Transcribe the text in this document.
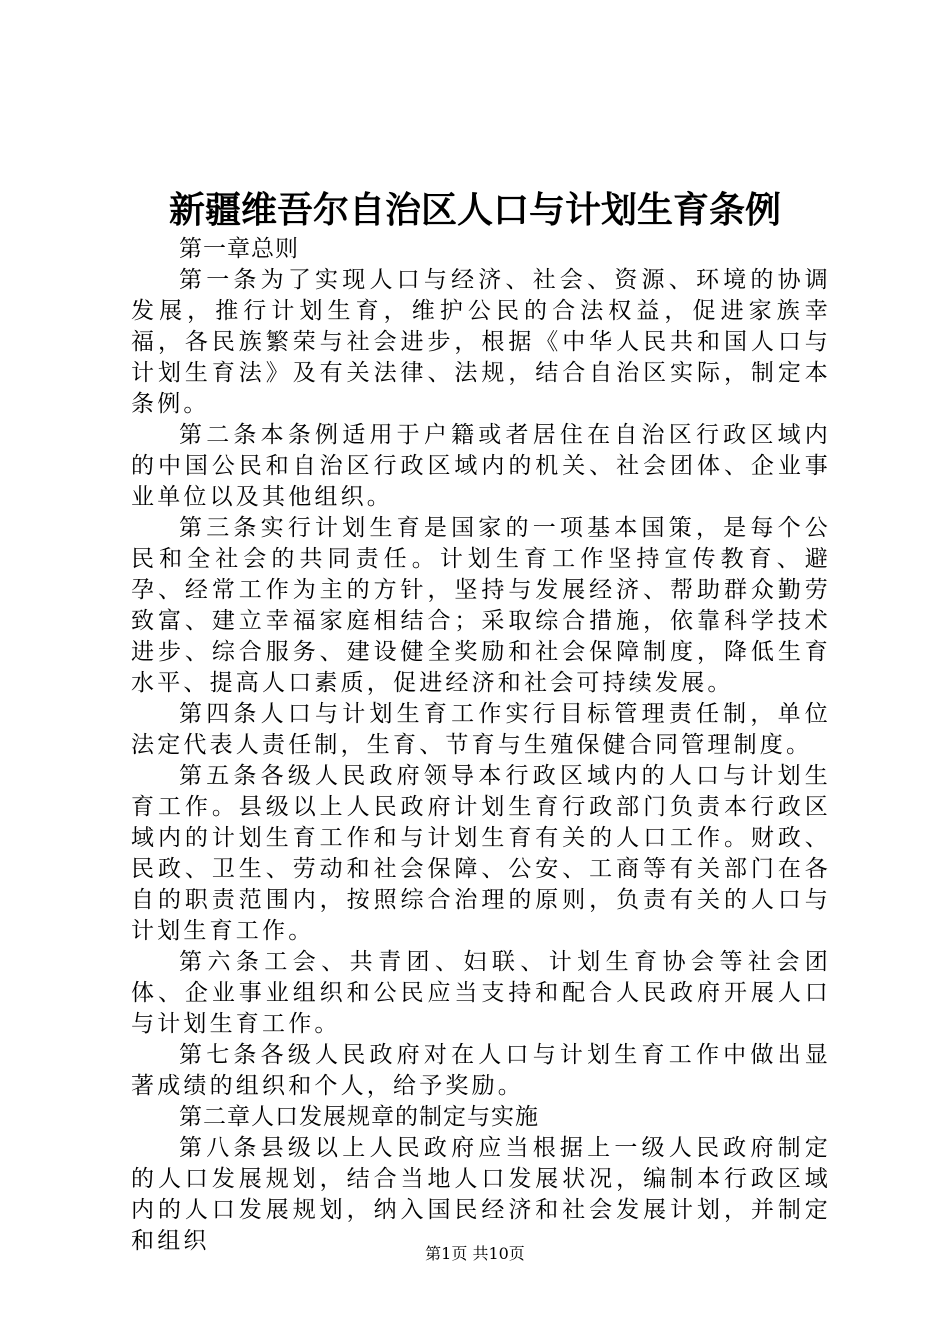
新疆维吾尔自治区人口与计划生育条例

第一章总则

第一条为了实现人口与经济、社会、资源、环境的协调发展，推行计划生育，维护公民的合法权益，促进家族幸福，各民族繁荣与社会进步，根据《中华人民共和国人口与计划生育法》及有关法律、法规，结合自治区实际，制定本条例。

第二条本条例适用于户籍或者居住在自治区行政区域内的中国公民和自治区行政区域内的机关、社会团体、企业事业单位以及其他组织。

第三条实行计划生育是国家的一项基本国策，是每个公民和全社会的共同责任。计划生育工作坚持宣传教育、避孕、经常工作为主的方针，坚持与发展经济、帮助群众勤劳致富、建立幸福家庭相结合；采取综合措施，依靠科学技术进步、综合服务、建设健全奖励和社会保障制度，降低生育水平、提高人口素质，促进经济和社会可持续发展。

第四条人口与计划生育工作实行目标管理责任制，单位法定代表人责任制，生育、节育与生殖保健合同管理制度。

第五条各级人民政府领导本行政区域内的人口与计划生育工作。县级以上人民政府计划生育行政部门负责本行政区域内的计划生育工作和与计划生育有关的人口工作。财政、民政、卫生、劳动和社会保障、公安、工商等有关部门在各自的职责范围内，按照综合治理的原则，负责有关的人口与计划生育工作。

第六条工会、共青团、妇联、计划生育协会等社会团体、企业事业组织和公民应当支持和配合人民政府开展人口与计划生育工作。

第七条各级人民政府对在人口与计划生育工作中做出显著成绩的组织和个人，给予奖励。

第二章人口发展规章的制定与实施

第八条县级以上人民政府应当根据上一级人民政府制定的人口发展规划，结合当地人口发展状况，编制本行政区域内的人口发展规划，纳入国民经济和社会发展计划，并制定和组织	第1页 共10页
